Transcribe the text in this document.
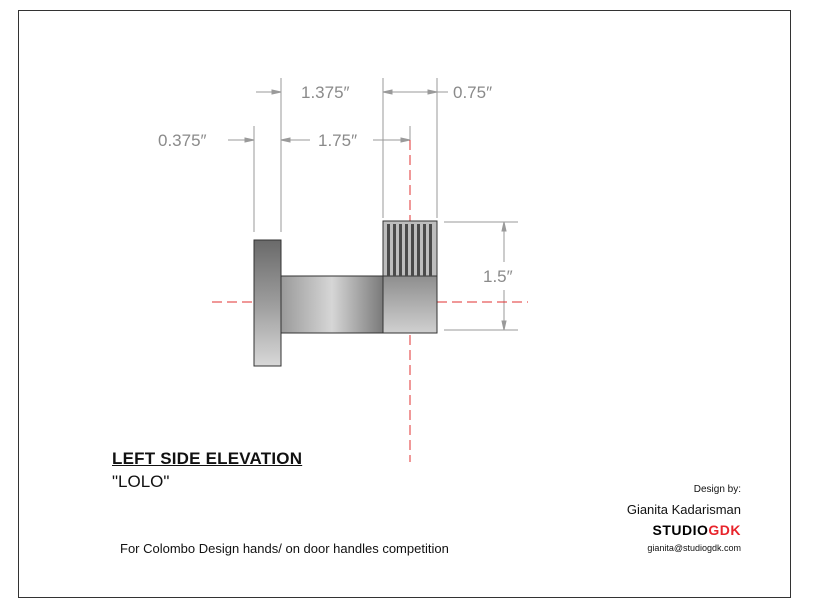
1.375″	0.75″
0.375″	1.75″
1.5″
LEFT SIDE ELEVATION
"LOLO"
For Colombo Design hands/ on door handles competition
Design by:
Gianita Kadarisman
STUDIOGDK
gianita@studiogdk.com
